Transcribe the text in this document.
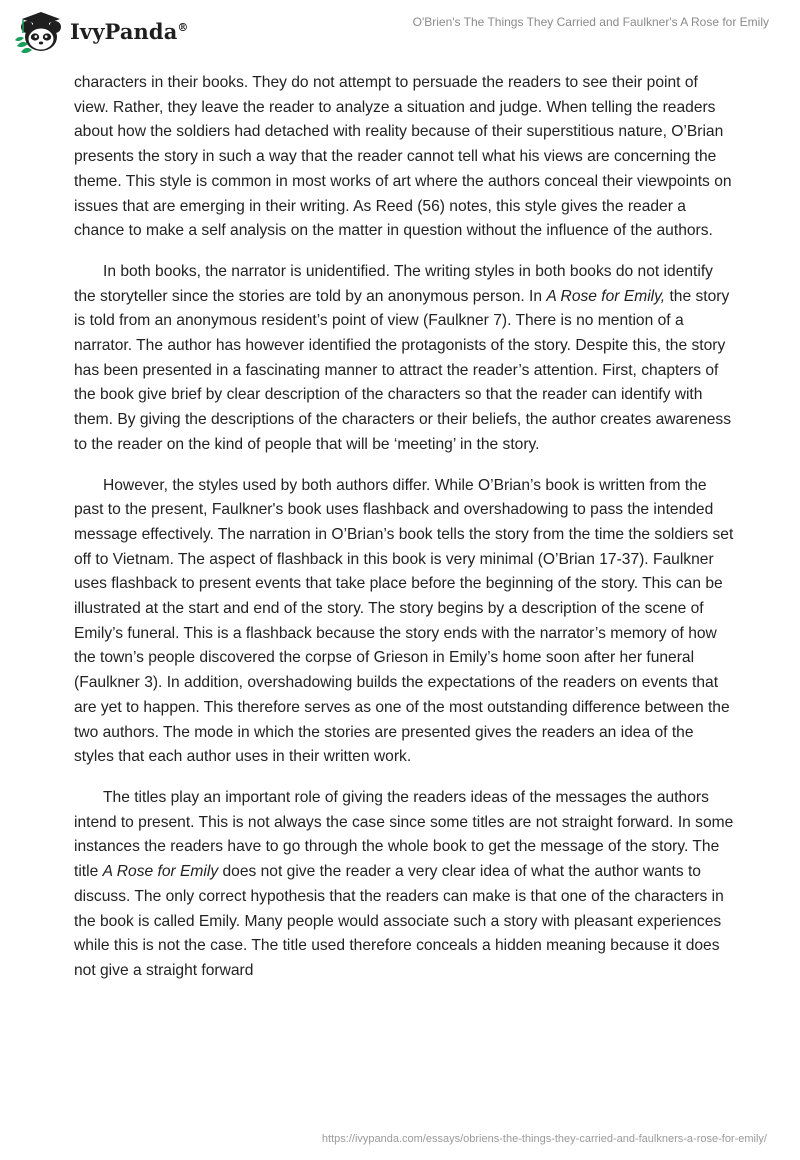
IvyPanda®	O'Brien's The Things They Carried and Faulkner's A Rose for Emily

characters in their books. They do not attempt to persuade the readers to see their point of view. Rather, they leave the reader to analyze a situation and judge. When telling the readers about how the soldiers had detached with reality because of their superstitious nature, O’Brian presents the story in such a way that the reader cannot tell what his views are concerning the theme. This style is common in most works of art where the authors conceal their viewpoints on issues that are emerging in their writing. As Reed (56) notes, this style gives the reader a chance to make a self analysis on the matter in question without the influence of the authors.

In both books, the narrator is unidentified. The writing styles in both books do not identify the storyteller since the stories are told by an anonymous person. In A Rose for Emily, the story is told from an anonymous resident’s point of view (Faulkner 7). There is no mention of a narrator. The author has however identified the protagonists of the story. Despite this, the story has been presented in a fascinating manner to attract the reader’s attention. First, chapters of the book give brief by clear description of the characters so that the reader can identify with them. By giving the descriptions of the characters or their beliefs, the author creates awareness to the reader on the kind of people that will be ‘meeting’ in the story.

However, the styles used by both authors differ. While O’Brian’s book is written from the past to the present, Faulkner's book uses flashback and overshadowing to pass the intended message effectively. The narration in O’Brian’s book tells the story from the time the soldiers set off to Vietnam. The aspect of flashback in this book is very minimal (O’Brian 17-37). Faulkner uses flashback to present events that take place before the beginning of the story. This can be illustrated at the start and end of the story. The story begins by a description of the scene of Emily’s funeral. This is a flashback because the story ends with the narrator’s memory of how the town’s people discovered the corpse of Grieson in Emily’s home soon after her funeral (Faulkner 3). In addition, overshadowing builds the expectations of the readers on events that are yet to happen. This therefore serves as one of the most outstanding difference between the two authors. The mode in which the stories are presented gives the readers an idea of the styles that each author uses in their written work.

The titles play an important role of giving the readers ideas of the messages the authors intend to present. This is not always the case since some titles are not straight forward. In some instances the readers have to go through the whole book to get the message of the story. The title A Rose for Emily does not give the reader a very clear idea of what the author wants to discuss. The only correct hypothesis that the readers can make is that one of the characters in the book is called Emily. Many people would associate such a story with pleasant experiences while this is not the case. The title used therefore conceals a hidden meaning because it does not give a straight forward

https://ivypanda.com/essays/obriens-the-things-they-carried-and-faulkners-a-rose-for-emily/
